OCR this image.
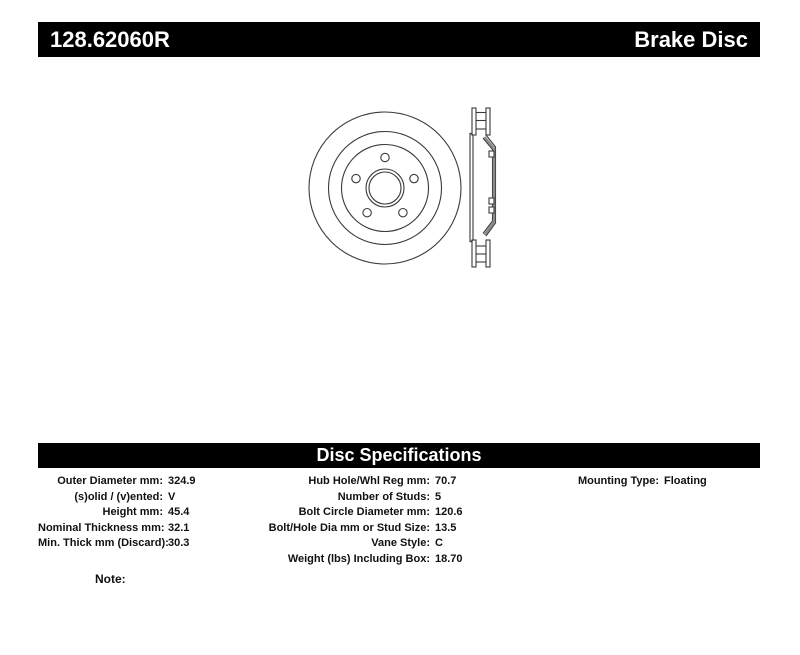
128.62060R	Brake Disc
Disc Specifications
Outer Diameter mm: 324.9
(s)olid / (v)ented: V
Height mm: 45.4
Nominal Thickness mm: 32.1
Min. Thick mm (Discard): 30.3
Hub Hole/Whl Reg mm: 70.7
Number of Studs: 5
Bolt Circle Diameter mm: 120.6
Bolt/Hole Dia mm or Stud Size: 13.5
Vane Style: C
Weight (lbs) Including Box: 18.70
Mounting Type: Floating
Note:
